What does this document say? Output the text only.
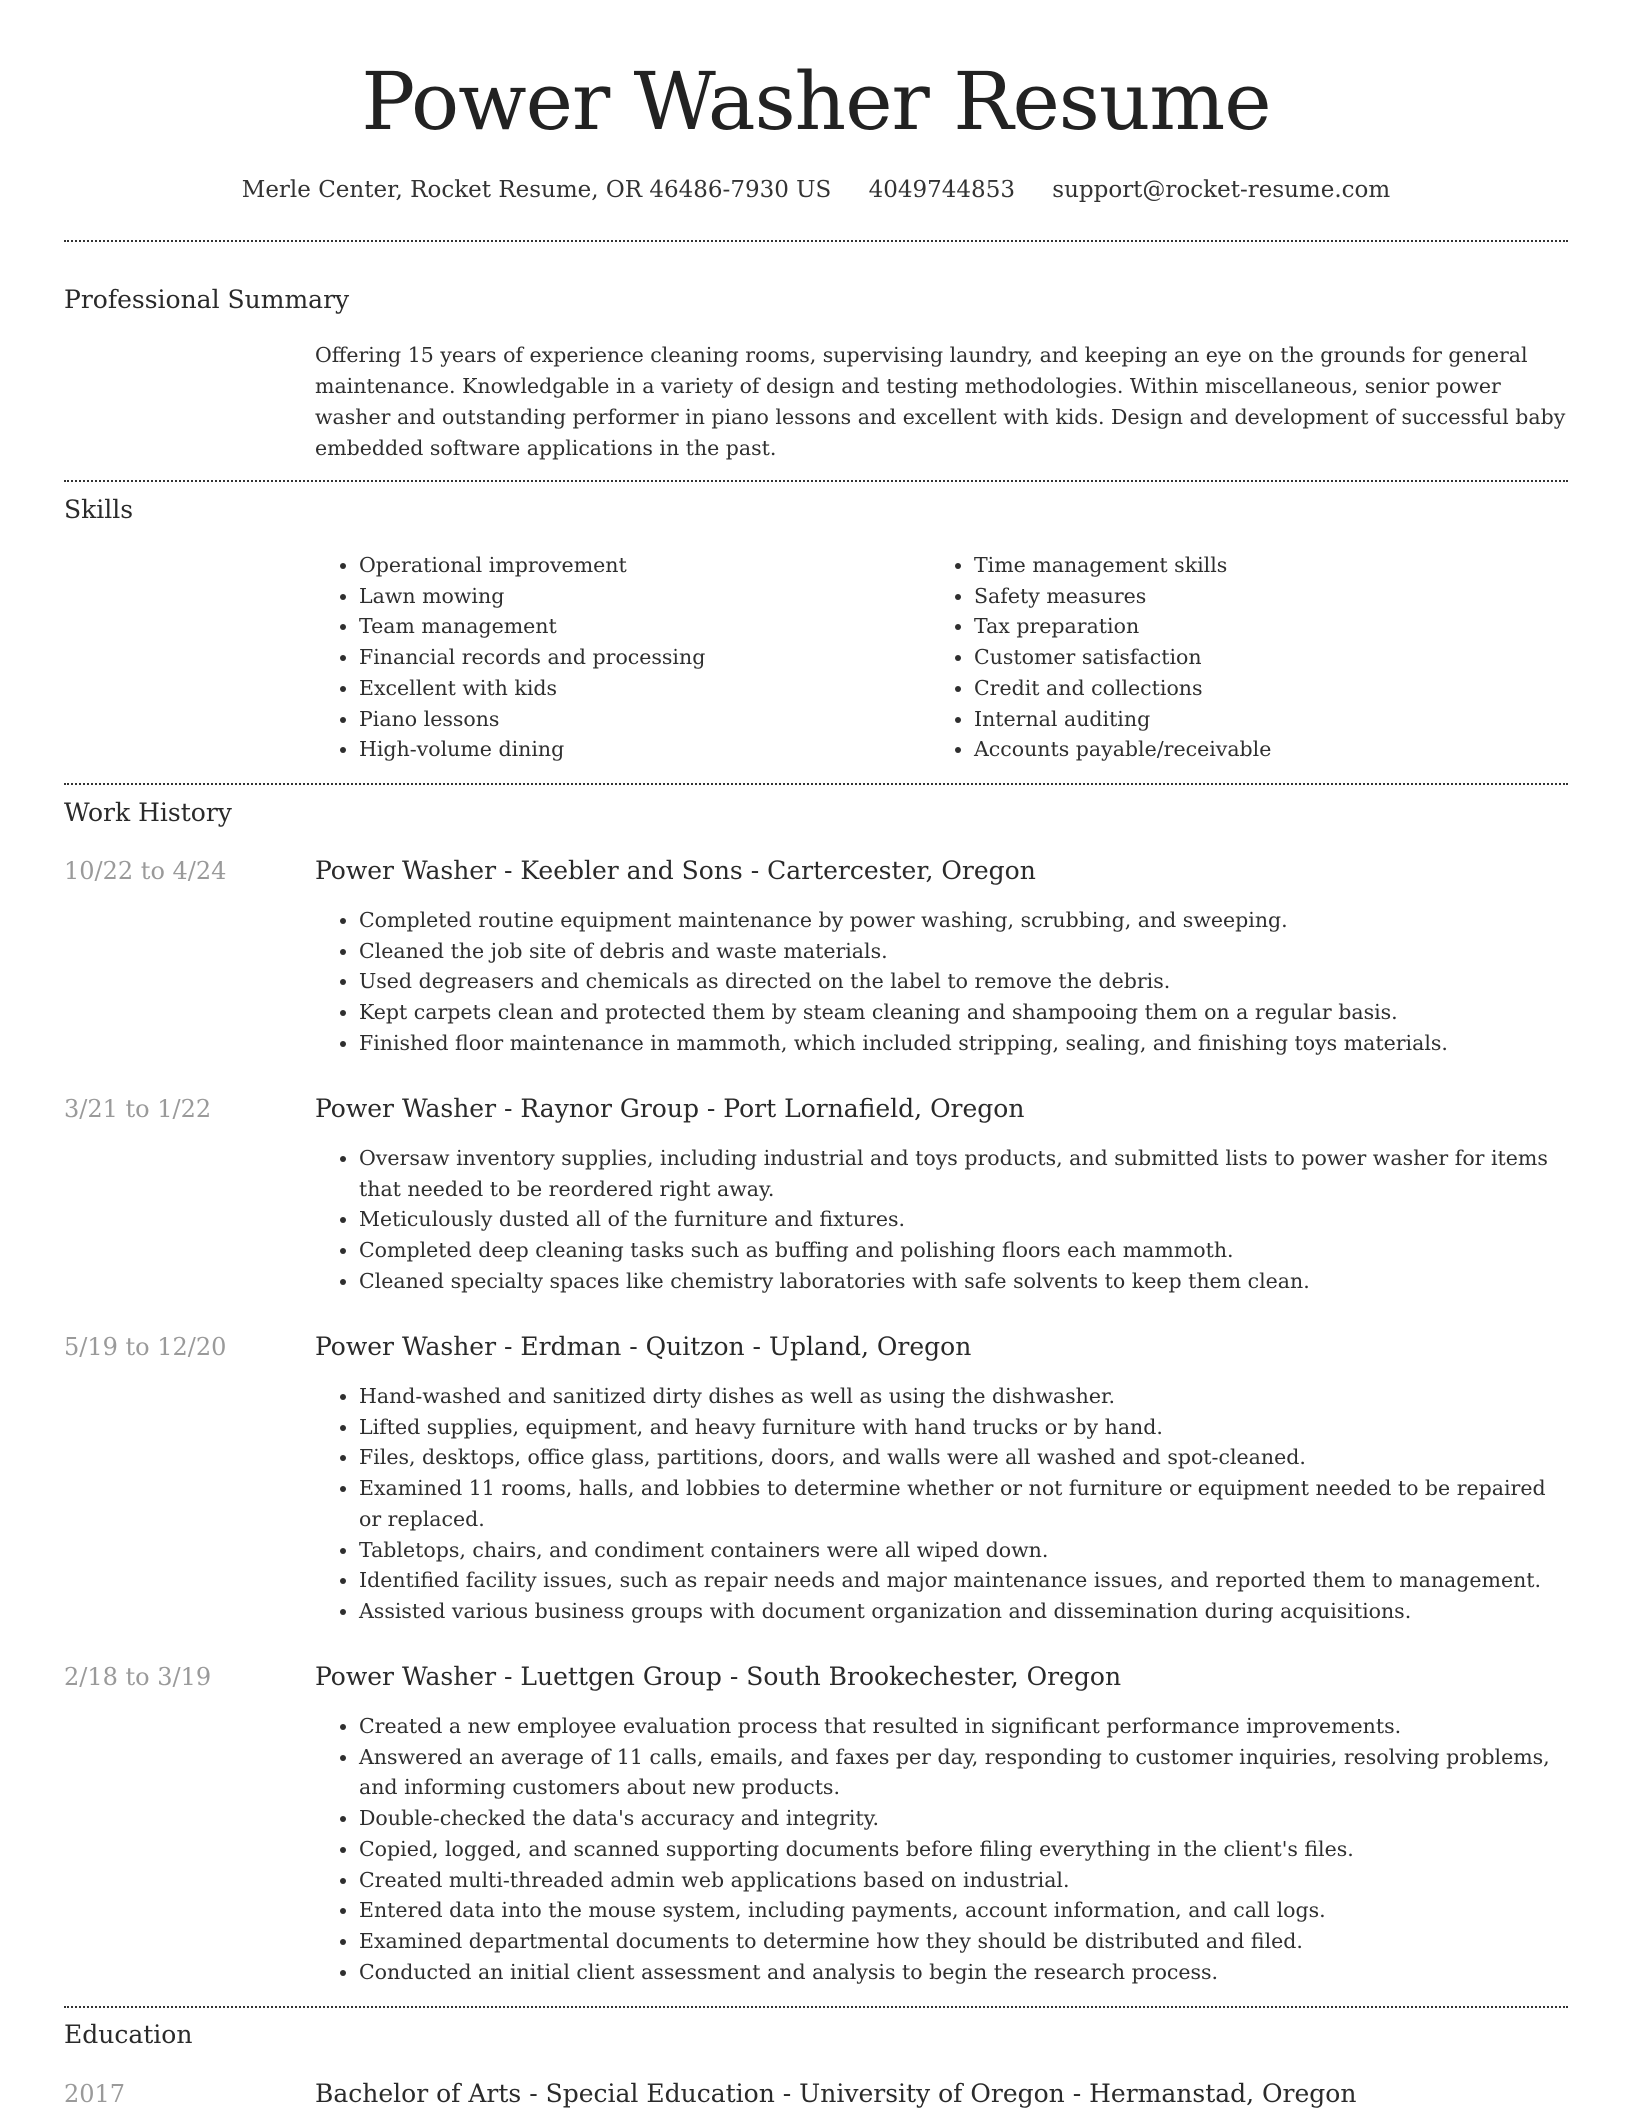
Power Washer Resume
Merle Center, Rocket Resume, OR 46486-7930 US 4049744853 support@rocket-resume.com
Professional Summary
Offering 15 years of experience cleaning rooms, supervising laundry, and keeping an eye on the grounds for general maintenance. Knowledgable in a variety of design and testing methodologies. Within miscellaneous, senior power washer and outstanding performer in piano lessons and excellent with kids. Design and development of successful baby embedded software applications in the past.
Skills
• Operational improvement
• Lawn mowing
• Team management
• Financial records and processing
• Excellent with kids
• Piano lessons
• High-volume dining
• Time management skills
• Safety measures
• Tax preparation
• Customer satisfaction
• Credit and collections
• Internal auditing
• Accounts payable/receivable
Work History
10/22 to 4/24	Power Washer - Keebler and Sons - Cartercester, Oregon
• Completed routine equipment maintenance by power washing, scrubbing, and sweeping.
• Cleaned the job site of debris and waste materials.
• Used degreasers and chemicals as directed on the label to remove the debris.
• Kept carpets clean and protected them by steam cleaning and shampooing them on a regular basis.
• Finished floor maintenance in mammoth, which included stripping, sealing, and finishing toys materials.
3/21 to 1/22	Power Washer - Raynor Group - Port Lornafield, Oregon
• Oversaw inventory supplies, including industrial and toys products, and submitted lists to power washer for items that needed to be reordered right away.
• Meticulously dusted all of the furniture and fixtures.
• Completed deep cleaning tasks such as buffing and polishing floors each mammoth.
• Cleaned specialty spaces like chemistry laboratories with safe solvents to keep them clean.
5/19 to 12/20	Power Washer - Erdman - Quitzon - Upland, Oregon
• Hand-washed and sanitized dirty dishes as well as using the dishwasher.
• Lifted supplies, equipment, and heavy furniture with hand trucks or by hand.
• Files, desktops, office glass, partitions, doors, and walls were all washed and spot-cleaned.
• Examined 11 rooms, halls, and lobbies to determine whether or not furniture or equipment needed to be repaired or replaced.
• Tabletops, chairs, and condiment containers were all wiped down.
• Identified facility issues, such as repair needs and major maintenance issues, and reported them to management.
• Assisted various business groups with document organization and dissemination during acquisitions.
2/18 to 3/19	Power Washer - Luettgen Group - South Brookechester, Oregon
• Created a new employee evaluation process that resulted in significant performance improvements.
• Answered an average of 11 calls, emails, and faxes per day, responding to customer inquiries, resolving problems, and informing customers about new products.
• Double-checked the data's accuracy and integrity.
• Copied, logged, and scanned supporting documents before filing everything in the client's files.
• Created multi-threaded admin web applications based on industrial.
• Entered data into the mouse system, including payments, account information, and call logs.
• Examined departmental documents to determine how they should be distributed and filed.
• Conducted an initial client assessment and analysis to begin the research process.
Education
2017	Bachelor of Arts - Special Education - University of Oregon - Hermanstad, Oregon
